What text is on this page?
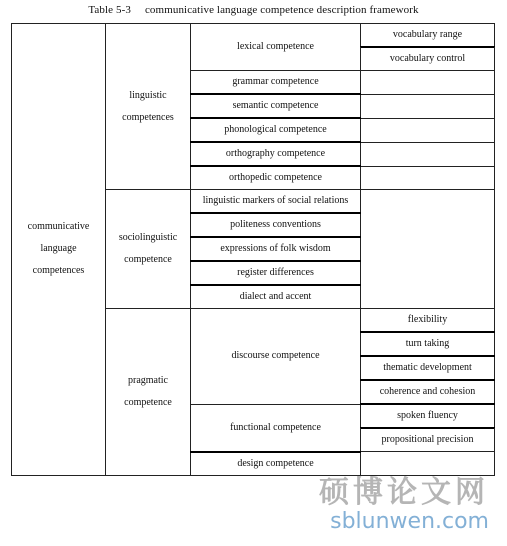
Table 5-3 communicative language competence description framework
communicative language competences	linguistic competences	lexical competence	vocabulary range

			vocabulary control

		grammar competence	
		semantic competence	
		phonological competence	
		orthography competence	
		orthopedic competence	
	sociolinguistic competence	linguistic markers of social relations	

		politeness conventions	
		expressions of folk wisdom	
		register differences	
		dialect and accent	
	pragmatic competence	discourse competence	flexibility
			turn taking
			thematic development
			coherence and cohesion
		functional competence	spoken fluency
			propositional precision

		design competence	
硕博论文网
sblunwen.com
